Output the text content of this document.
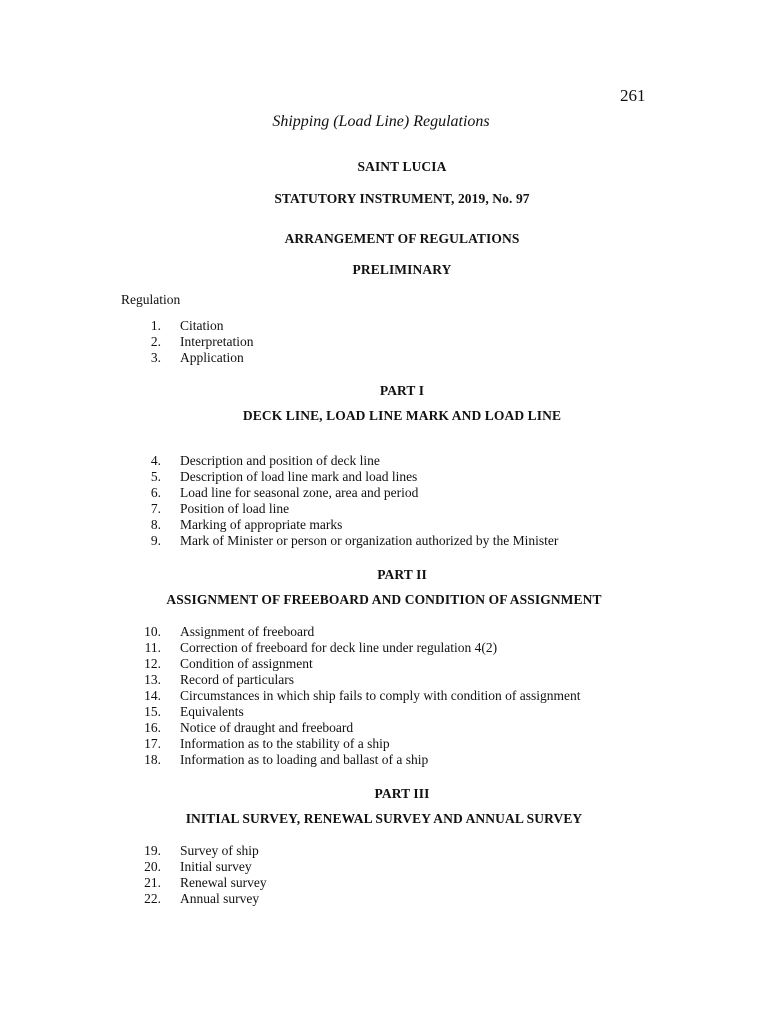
261
Shipping (Load Line) Regulations
SAINT LUCIA
STATUTORY INSTRUMENT, 2019, No. 97
ARRANGEMENT OF REGULATIONS
PRELIMINARY
Regulation
1. Citation
2. Interpretation
3. Application
PART I
DECK LINE, LOAD LINE MARK AND LOAD LINE
4. Description and position of deck line
5. Description of load line mark and load lines
6. Load line for seasonal zone, area and period
7. Position of load line
8. Marking of appropriate marks
9. Mark of Minister or person or organization authorized by the Minister
PART II
ASSIGNMENT OF FREEBOARD AND CONDITION OF ASSIGNMENT
10. Assignment of freeboard
11. Correction of freeboard for deck line under regulation 4(2)
12. Condition of assignment
13. Record of particulars
14. Circumstances in which ship fails to comply with condition of assignment
15. Equivalents
16. Notice of draught and freeboard
17. Information as to the stability of a ship
18. Information as to loading and ballast of a ship
PART III
INITIAL SURVEY, RENEWAL SURVEY AND ANNUAL SURVEY
19. Survey of ship
20. Initial survey
21. Renewal survey
22. Annual survey
